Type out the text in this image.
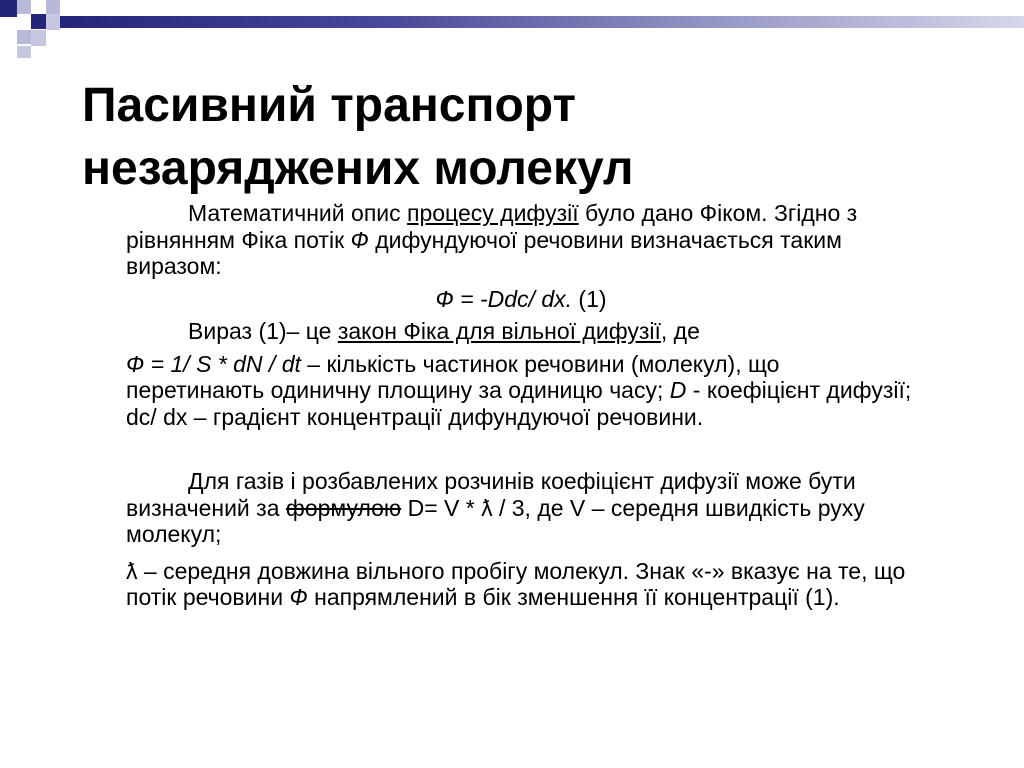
Пасивний транспорт
незаряджених молекул

Математичний опис процесу дифузії було дано Фіком. Згідно з рівнянням Фіка потік Ф дифундуючої речовини визначається таким виразом:

Ф = -Ddc/ dx. (1)

Вираз (1)– це закон Фіка для вільної дифузії, де

Ф = 1/ S * dN / dt – кількість частинок речовини (молекул), що перетинають одиничну площину за одиницю часу; D - коефіцієнт дифузії; dc/ dx – градієнт концентрації дифундуючої речовини.

Для газів і розбавлених розчинів коефіцієнт дифузії може бути визначений за формулою D= V * ƛ / 3, де V – середня швидкість руху молекул;

ƛ – середня довжина вільного пробігу молекул. Знак «-» вказує на те, що потік речовини Ф напрямлений в бік зменшення її концентрації (1).
